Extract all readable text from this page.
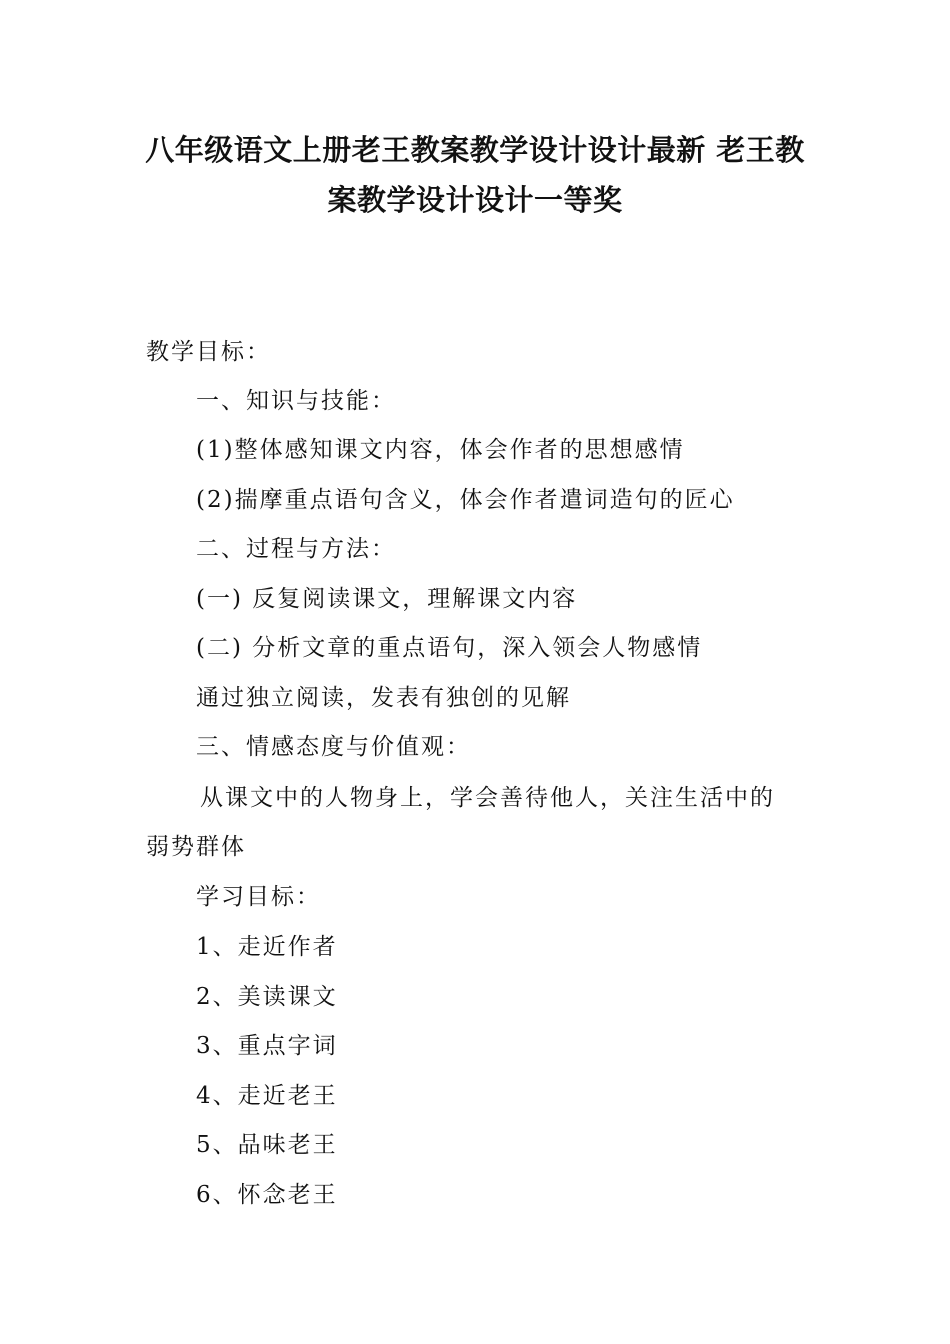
八年级语文上册老王教案教学设计设计最新 老王教
案教学设计设计一等奖

教学目标：

一、知识与技能：

(1)整体感知课文内容，体会作者的思想感情

(2)揣摩重点语句含义，体会作者遣词造句的匠心

二、过程与方法：

(一) 反复阅读课文，理解课文内容

(二) 分析文章的重点语句，深入领会人物感情

通过独立阅读，发表有独创的见解

三、情感态度与价值观：

从课文中的人物身上，学会善待他人，关注生活中的

弱势群体

学习目标：

1、走近作者

2、美读课文

3、重点字词

4、走近老王

5、品味老王

6、怀念老王
